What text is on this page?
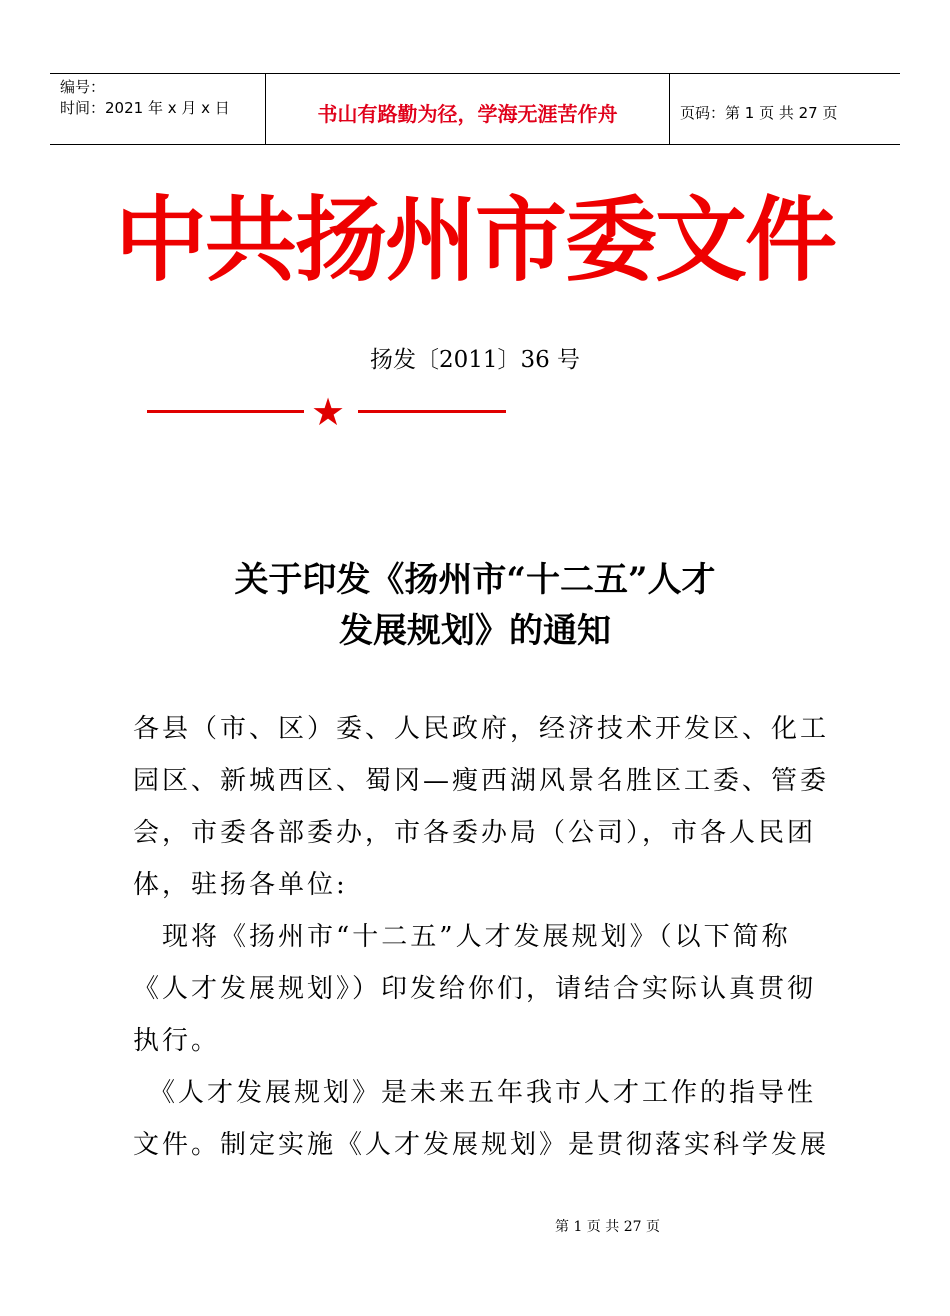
编号：
时间：2021 年 x 月 x 日	书山有路勤为径，学海无涯苦作舟	页码：第 1 页 共 27 页
中共扬州市委文件
扬发〔2011〕36 号
★
关于印发《扬州市“十二五”人才
发展规划》的通知
各县（市、区）委、人民政府，经济技术开发区、化工
园区、新城西区、蜀冈—瘦西湖风景名胜区工委、管委
会，市委各部委办，市各委办局（公司），市各人民团
体，驻扬各单位:
　现将《扬州市“十二五”人才发展规划》（以下简称
《人才发展规划》）印发给你们，请结合实际认真贯彻
执行。
　《人才发展规划》是未来五年我市人才工作的指导性
文件。制定实施《人才发展规划》是贯彻落实科学发展
第 1 页 共 27 页
